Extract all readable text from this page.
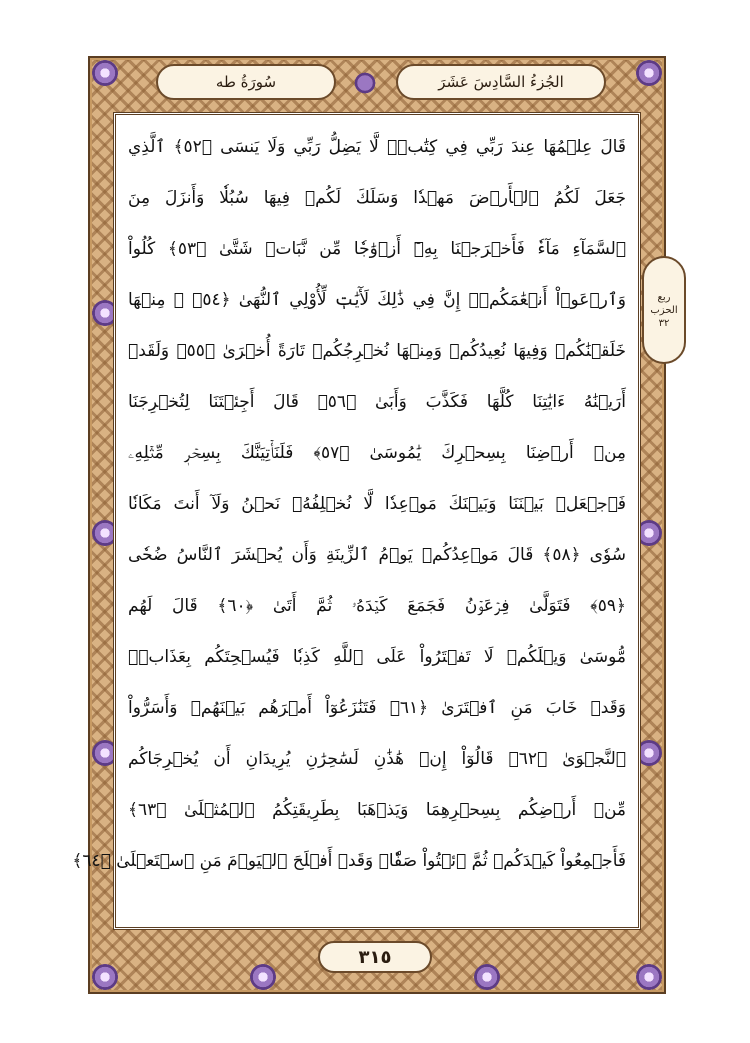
سُورَةُ طه	الجُزءُ السَّادِسَ عَشَرَ
ربع
الحزب
٣٢
قَالَ عِلۡمُهَا عِندَ رَبِّي فِي كِتَٰبٖۖ لَّا يَضِلُّ رَبِّي وَلَا يَنسَى ﴿٥٢﴾ ٱلَّذِي
جَعَلَ لَكُمُ ٱلۡأَرۡضَ مَهۡدٗا وَسَلَكَ لَكُمۡ فِيهَا سُبُلٗا وَأَنزَلَ مِنَ
ٱلسَّمَآءِ مَآءٗ فَأَخۡرَجۡنَا بِهِۦٓ أَزۡوَٰجٗا مِّن نَّبَاتٖ شَتَّىٰ ﴿٥٣﴾ كُلُواْ
وَٱرۡعَوۡاْ أَنۡعَٰمَكُمۡۚ إِنَّ فِي ذَٰلِكَ لَأٓيَٰتٖ لِّأُوْلِي ٱلنُّهَىٰ ﴿٥٤﴾ ۞ مِنۡهَا
خَلَقۡنَٰكُمۡ وَفِيهَا نُعِيدُكُمۡ وَمِنۡهَا نُخۡرِجُكُمۡ تَارَةً أُخۡرَىٰ ﴿٥٥﴾ وَلَقَدۡ
أَرَيۡنَٰهُ ءَايَٰتِنَا كُلَّهَا فَكَذَّبَ وَأَبَىٰ ﴿٥٦﴾ قَالَ أَجِئۡتَنَا لِتُخۡرِجَنَا
مِنۡ أَرۡضِنَا بِسِحۡرِكَ يَٰمُوسَىٰ ﴿٥٧﴾ فَلَنَأۡتِيَنَّكَ بِسِحۡرٖ مِّثۡلِهِۦ
فَٱجۡعَلۡ بَيۡنَنَا وَبَيۡنَكَ مَوۡعِدٗا لَّا نُخۡلِفُهُۥ نَحۡنُ وَلَآ أَنتَ مَكَانٗا
سُوٗى ﴿٥٨﴾ قَالَ مَوۡعِدُكُمۡ يَوۡمُ ٱلزِّينَةِ وَأَن يُحۡشَرَ ٱلنَّاسُ ضُحٗى
﴿٥٩﴾ فَتَوَلَّىٰ فِرۡعَوۡنُ فَجَمَعَ كَيۡدَهُۥ ثُمَّ أَتَىٰ ﴿٦٠﴾ قَالَ لَهُم
مُّوسَىٰ وَيۡلَكُمۡ لَا تَفۡتَرُواْ عَلَى ٱللَّهِ كَذِبٗا فَيُسۡحِتَكُم بِعَذَابٖۖ
وَقَدۡ خَابَ مَنِ ٱفۡتَرَىٰ ﴿٦١﴾ فَتَنَٰزَعُوٓاْ أَمۡرَهُم بَيۡنَهُمۡ وَأَسَرُّواْ
ٱلنَّجۡوَىٰ ﴿٦٢﴾ قَالُوٓاْ إِنۡ هَٰذَٰنِ لَسَٰحِرَٰنِ يُرِيدَانِ أَن يُخۡرِجَاكُم
مِّنۡ أَرۡضِكُم بِسِحۡرِهِمَا وَيَذۡهَبَا بِطَرِيقَتِكُمُ ٱلۡمُثۡلَىٰ ﴿٦٣﴾
فَأَجۡمِعُواْ كَيۡدَكُمۡ ثُمَّ ٱئۡتُواْ صَفّٗاۚ وَقَدۡ أَفۡلَحَ ٱلۡيَوۡمَ مَنِ ٱسۡتَعۡلَىٰ ﴿٦٤﴾
٣١٥
